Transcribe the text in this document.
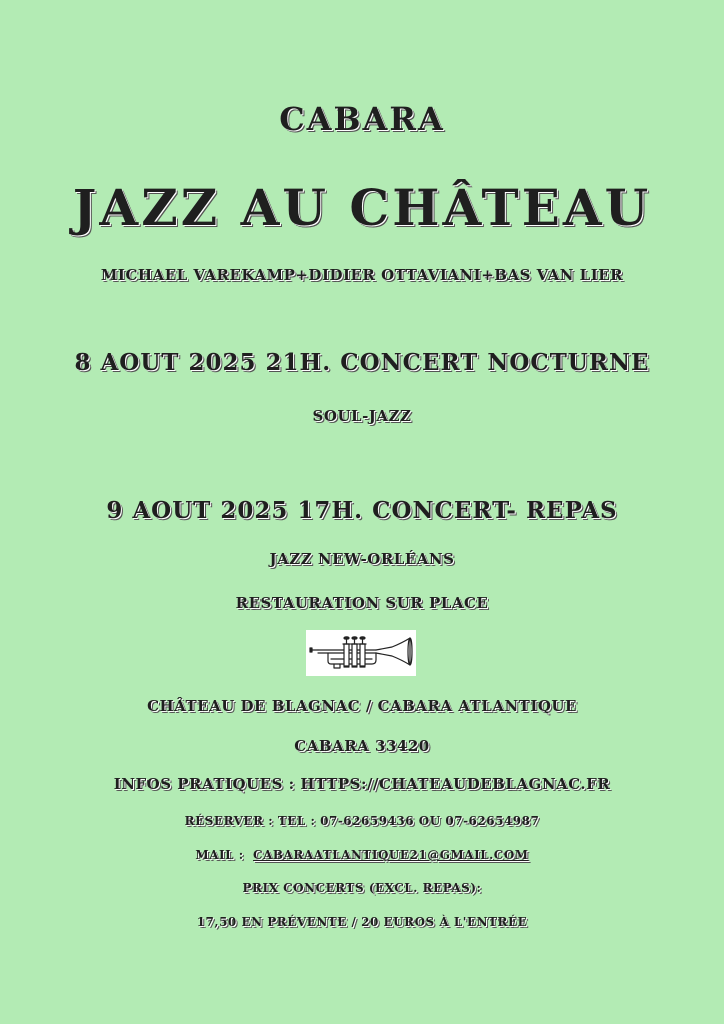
CABARA
JAZZ AU CHÂTEAU
MICHAEL VAREKAMP+DIDIER OTTAVIANI+BAS VAN LIER
8 AOUT 2025 21H. CONCERT NOCTURNE
SOUL-JAZZ
9 AOUT 2025 17H. CONCERT- REPAS
JAZZ NEW-ORLÉANS
RESTAURATION SUR PLACE
CHÂTEAU DE BLAGNAC / CABARA ATLANTIQUE
CABARA 33420
INFOS PRATIQUES : HTTPS://CHATEAUDEBLAGNAC.FR
RÉSERVER : TEL : 07-62659436 OU 07-62654987
MAIL : CABARAATLANTIQUE21@GMAIL.COM
PRIX CONCERTS (EXCL. REPAS):
17,50 EN PRÉVENTE / 20 EUROS À L'ENTRÉE
